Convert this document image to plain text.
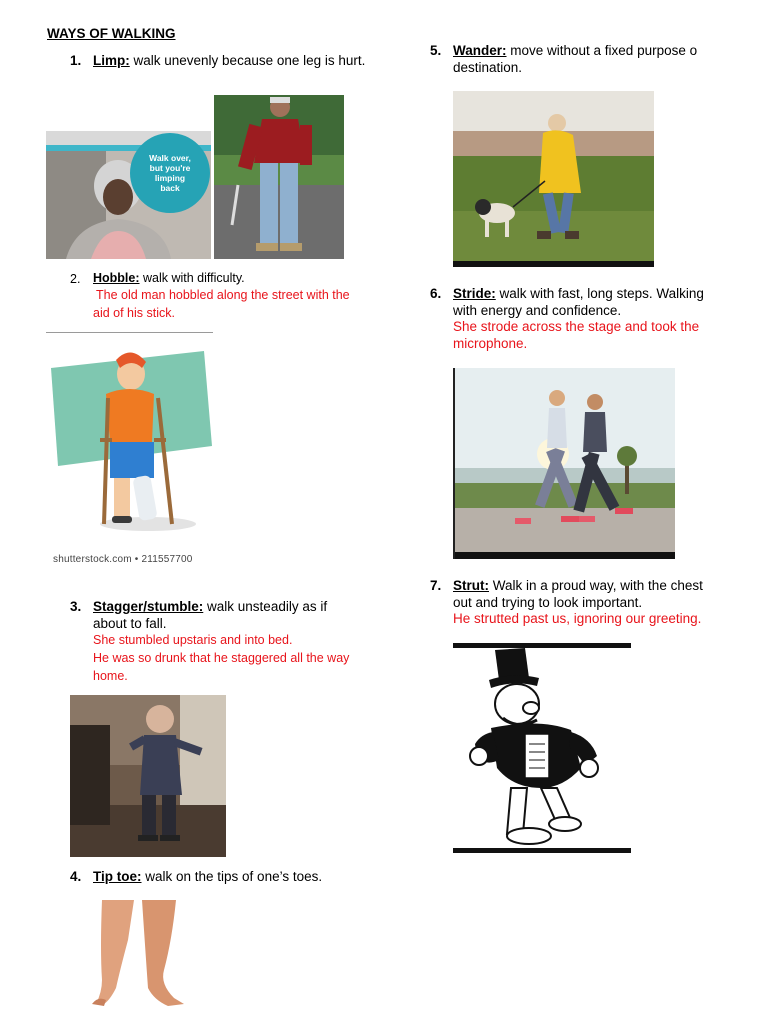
WAYS OF WALKING
1. Limp: walk unevenly because one leg is hurt.
Walk over, but you're limping back
2. Hobble: walk with difficulty.
The old man hobbled along the street with the aid of his stick.
shutterstock.com • 211557700
3. Stagger/stumble: walk unsteadily as if about to fall.
She stumbled upstaris and into bed.
He was so drunk that he staggered all the way home.
4. Tip toe: walk on the tips of one’s toes.
5. Wander: move without a fixed purpose o destination.
6. Stride: walk with fast, long steps. Walking with energy and confidence.
She strode across the stage and took the microphone.
7. Strut: Walk in a proud way, with the chest out and trying to look important.
He strutted past us, ignoring our greeting.
